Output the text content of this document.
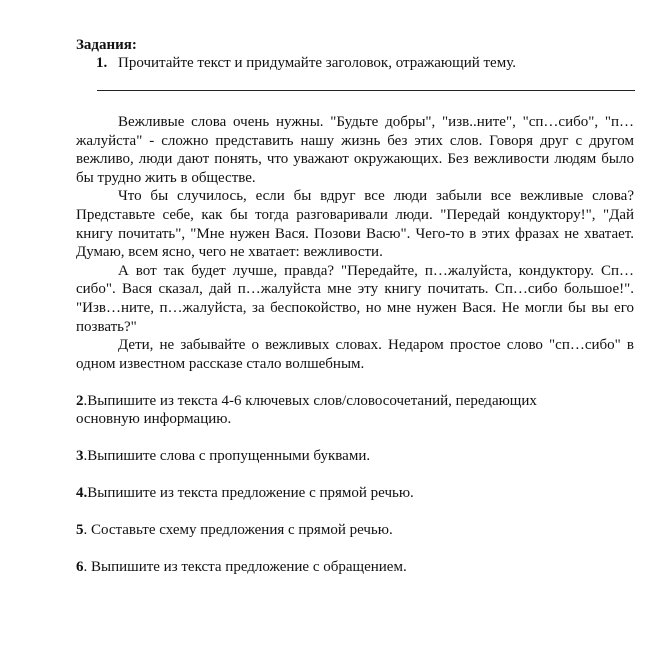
Задания:
1. Прочитайте текст и придумайте заголовок, отражающий тему.

Вежливые слова очень нужны. "Будьте добры", "изв..ните", "сп…сибо", "п…жалуйста" - сложно представить нашу жизнь без этих слов. Говоря друг с другом вежливо, люди дают понять, что уважают окружающих. Без вежливости людям было бы трудно жить в обществе.

Что бы случилось, если бы вдруг все люди забыли все вежливые слова? Представьте себе, как бы тогда разговаривали люди. "Передай кондуктору!", "Дай книгу почитать", "Мне нужен Вася. Позови Васю". Чего-то в этих фразах не хватает. Думаю, всем ясно, чего не хватает: вежливости.

А вот так будет лучше, правда? "Передайте, п…жалуйста, кондуктору. Сп…сибо". Вася сказал, дай п…жалуйста мне эту книгу почитать. Сп…сибо большое!". "Изв…ните, п…жалуйста, за беспокойство, но мне нужен Вася. Не могли бы вы его позвать?"

Дети, не забывайте о вежливых словах. Недаром простое слово "сп…сибо" в одном известном рассказе стало волшебным.

2.Выпишите из текста 4-6 ключевых слов/словосочетаний, передающих основную информацию.
3.Выпишите слова с пропущенными буквами.
4.Выпишите из текста предложение с прямой речью.
5. Составьте схему предложения с прямой речью.
6. Выпишите из текста предложение с обращением.
